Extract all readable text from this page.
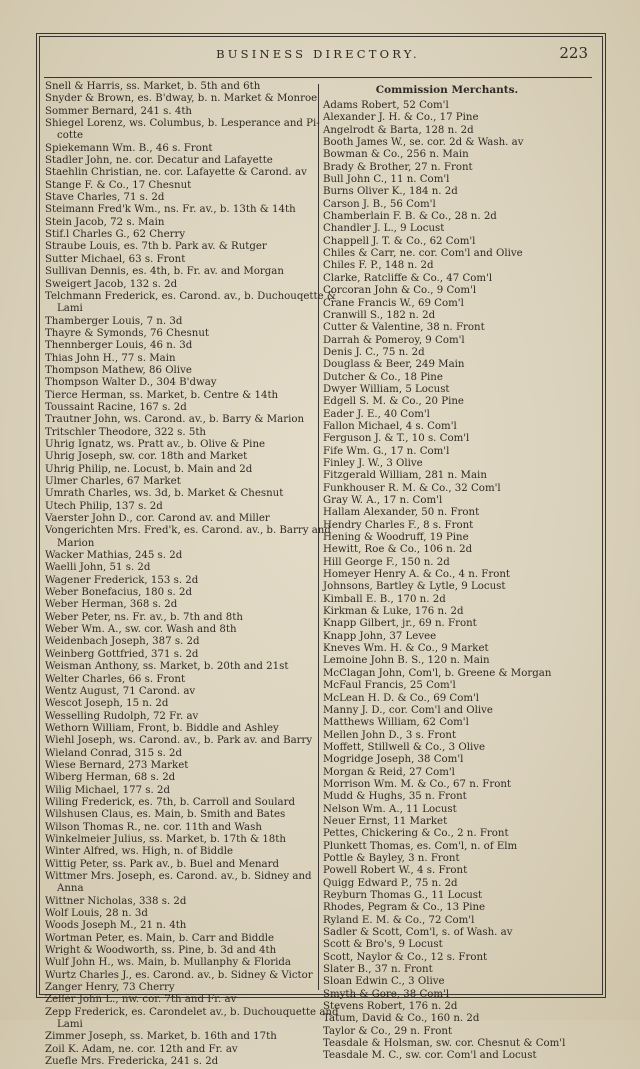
BUSINESS DIRECTORY.	223
Snell & Harris, ss. Market, b. 5th and 6th
Snyder & Brown, es. B'dway, b. n. Market & Monroe
Sommer Bernard, 241 s. 4th
Shiegel Lorenz, ws. Columbus, b. Lesperance and Pi-
cotte
Spiekemann Wm. B., 46 s. Front
Stadler John, ne. cor. Decatur and Lafayette
Staehlin Christian, ne. cor. Lafayette & Carond. av
Stange F. & Co., 17 Chesnut
Stave Charles, 71 s. 2d
Steimann Fred'k Wm., ns. Fr. av., b. 13th & 14th
Stein Jacob, 72 s. Main
Stif.l Charles G., 62 Cherry
Straube Louis, es. 7th b. Park av. & Rutger
Sutter Michael, 63 s. Front
Sullivan Dennis, es. 4th, b. Fr. av. and Morgan
Sweigert Jacob, 132 s. 2d
Telchmann Frederick, es. Carond. av., b. Duchouqette &
Lami
Thamberger Louis, 7 n. 3d
Thayre & Symonds, 76 Chesnut
Thennberger Louis, 46 n. 3d
Thias John H., 77 s. Main
Thompson Mathew, 86 Olive
Thompson Walter D., 304 B'dway
Tierce Herman, ss. Market, b. Centre & 14th
Toussaint Racine, 167 s. 2d
Trautner John, ws. Carond. av., b. Barry & Marion
Tritschler Theodore, 322 s. 5th
Uhrig Ignatz, ws. Pratt av., b. Olive & Pine
Uhrig Joseph, sw. cor. 18th and Market
Uhrig Philip, ne. Locust, b. Main and 2d
Ulmer Charles, 67 Market
Umrath Charles, ws. 3d, b. Market & Chesnut
Utech Philip, 137 s. 2d
Vaerster John D., cor. Carond av. and Miller
Vongerichten Mrs. Fred'k, es. Carond. av., b. Barry and
Marion
Wacker Mathias, 245 s. 2d
Waelli John, 51 s. 2d
Wagener Frederick, 153 s. 2d
Weber Bonefacius, 180 s. 2d
Weber Herman, 368 s. 2d
Weber Peter, ns. Fr. av., b. 7th and 8th
Weber Wm. A., sw. cor. Wash and 8th
Weidenbach Joseph, 387 s. 2d
Weinberg Gottfried, 371 s. 2d
Weisman Anthony, ss. Market, b. 20th and 21st
Welter Charles, 66 s. Front
Wentz August, 71 Carond. av
Wescot Joseph, 15 n. 2d
Wesselling Rudolph, 72 Fr. av
Wethorn William, Front, b. Biddle and Ashley
Wiehl Joseph, ws. Carond. av., b. Park av. and Barry
Wieland Conrad, 315 s. 2d
Wiese Bernard, 273 Market
Wiberg Herman, 68 s. 2d
Wilig Michael, 177 s. 2d
Wiling Frederick, es. 7th, b. Carroll and Soulard
Wilshusen Claus, es. Main, b. Smith and Bates
Wilson Thomas R., ne. cor. 11th and Wash
Winkelmeier Julius, ss. Market, b. 17th & 18th
Winter Alfred, ws. High, n. of Biddle
Wittig Peter, ss. Park av., b. Buel and Menard
Wittmer Mrs. Joseph, es. Carond. av., b. Sidney and
Anna
Wittner Nicholas, 338 s. 2d
Wolf Louis, 28 n. 3d
Woods Joseph M., 21 n. 4th
Wortman Peter, es. Main, b. Carr and Biddle
Wright & Woodworth, ss. Pine, b. 3d and 4th
Wulf John H., ws. Main, b. Mullanphy & Florida
Wurtz Charles J., es. Carond. av., b. Sidney & Victor
Zanger Henry, 73 Cherry
Zeller John L., nw. cor. 7th and Fr. av
Zepp Frederick, es. Carondelet av., b. Duchouquette and
Lami
Zimmer Joseph, ss. Market, b. 16th and 17th
Zoil K. Adam, ne. cor. 12th and Fr. av
Zuefle Mrs. Fredericka, 241 s. 2d
Commission Merchants.
Adams Robert, 52 Com'l
Alexander J. H. & Co., 17 Pine
Angelrodt & Barta, 128 n. 2d
Booth James W., se. cor. 2d & Wash. av
Bowman & Co., 256 n. Main
Brady & Brother, 27 n. Front
Bull John C., 11 n. Com'l
Burns Oliver K., 184 n. 2d
Carson J. B., 56 Com'l
Chamberlain F. B. & Co., 28 n. 2d
Chandler J. L., 9 Locust
Chappell J. T. & Co., 62 Com'l
Chiles & Carr, ne. cor. Com'l and Olive
Chiles F. P., 148 n. 2d
Clarke, Ratcliffe & Co., 47 Com'l
Corcoran John & Co., 9 Com'l
Crane Francis W., 69 Com'l
Cranwill S., 182 n. 2d
Cutter & Valentine, 38 n. Front
Darrah & Pomeroy, 9 Com'l
Denis J. C., 75 n. 2d
Douglass & Beer, 249 Main
Dutcher & Co., 18 Pine
Dwyer William, 5 Locust
Edgell S. M. & Co., 20 Pine
Eader J. E., 40 Com'l
Fallon Michael, 4 s. Com'l
Ferguson J. & T., 10 s. Com'l
Fife Wm. G., 17 n. Com'l
Finley J. W., 3 Olive
Fitzgerald William, 281 n. Main
Funkhouser R. M. & Co., 32 Com'l
Gray W. A., 17 n. Com'l
Hallam Alexander, 50 n. Front
Hendry Charles F., 8 s. Front
Hening & Woodruff, 19 Pine
Hewitt, Roe & Co., 106 n. 2d
Hill George F., 150 n. 2d
Homeyer Henry A. & Co., 4 n. Front
Johnsons, Bartley & Lytle, 9 Locust
Kimball E. B., 170 n. 2d
Kirkman & Luke, 176 n. 2d
Knapp Gilbert, jr., 69 n. Front
Knapp John, 37 Levee
Kneves Wm. H. & Co., 9 Market
Lemoine John B. S., 120 n. Main
McClagan John, Com'l, b. Greene & Morgan
McFaul Francis, 25 Com'l
McLean H. D. & Co., 69 Com'l
Manny J. D., cor. Com'l and Olive
Matthews William, 62 Com'l
Mellen John D., 3 s. Front
Moffett, Stillwell & Co., 3 Olive
Mogridge Joseph, 38 Com'l
Morgan & Reid, 27 Com'l
Morrison Wm. M. & Co., 67 n. Front
Mudd & Hughs, 35 n. Front
Nelson Wm. A., 11 Locust
Neuer Ernst, 11 Market
Pettes, Chickering & Co., 2 n. Front
Plunkett Thomas, es. Com'l, n. of Elm
Pottle & Bayley, 3 n. Front
Powell Robert W., 4 s. Front
Quigg Edward P., 75 n. 2d
Reyburn Thomas G., 11 Locust
Rhodes, Pegram & Co., 13 Pine
Ryland E. M. & Co., 72 Com'l
Sadler & Scott, Com'l, s. of Wash. av
Scott & Bro's, 9 Locust
Scott, Naylor & Co., 12 s. Front
Slater B., 37 n. Front
Sloan Edwin C., 3 Olive
Smyth & Gore, 38 Com'l
Stevens Robert, 176 n. 2d
Tatum, David & Co., 160 n. 2d
Taylor & Co., 29 n. Front
Teasdale & Holsman, sw. cor. Chesnut & Com'l
Teasdale M. C., sw. cor. Com'l and Locust
